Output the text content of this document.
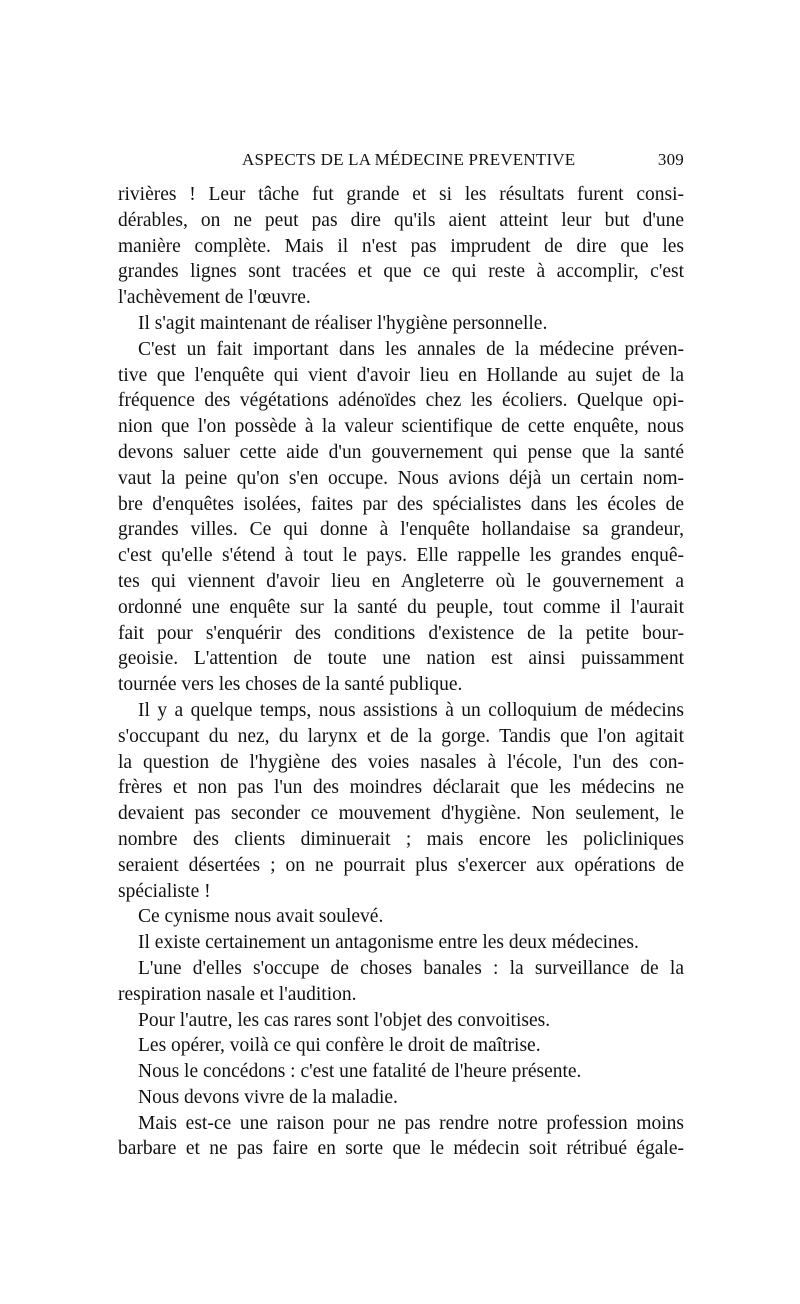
ASPECTS DE LA MÉDECINE PREVENTIVE	309
rivières ! Leur tâche fut grande et si les résultats furent consi-
dérables, on ne peut pas dire qu'ils aient atteint leur but d'une
manière complète. Mais il n'est pas imprudent de dire que les
grandes lignes sont tracées et que ce qui reste à accomplir, c'est
l'achèvement de l'œuvre.
Il s'agit maintenant de réaliser l'hygiène personnelle.
C'est un fait important dans les annales de la médecine préven-
tive que l'enquête qui vient d'avoir lieu en Hollande au sujet de la
fréquence des végétations adénoïdes chez les écoliers. Quelque opi-
nion que l'on possède à la valeur scientifique de cette enquête, nous
devons saluer cette aide d'un gouvernement qui pense que la santé
vaut la peine qu'on s'en occupe. Nous avions déjà un certain nom-
bre d'enquêtes isolées, faites par des spécialistes dans les écoles de
grandes villes. Ce qui donne à l'enquête hollandaise sa grandeur,
c'est qu'elle s'étend à tout le pays. Elle rappelle les grandes enquê-
tes qui viennent d'avoir lieu en Angleterre où le gouvernement a
ordonné une enquête sur la santé du peuple, tout comme il l'aurait
fait pour s'enquérir des conditions d'existence de la petite bour-
geoisie. L'attention de toute une nation est ainsi puissamment
tournée vers les choses de la santé publique.
Il y a quelque temps, nous assistions à un colloquium de médecins
s'occupant du nez, du larynx et de la gorge. Tandis que l'on agitait
la question de l'hygiène des voies nasales à l'école, l'un des con-
frères et non pas l'un des moindres déclarait que les médecins ne
devaient pas seconder ce mouvement d'hygiène. Non seulement, le
nombre des clients diminuerait ; mais encore les policliniques
seraient désertées ; on ne pourrait plus s'exercer aux opérations de
spécialiste !
Ce cynisme nous avait soulevé.
Il existe certainement un antagonisme entre les deux médecines.
L'une d'elles s'occupe de choses banales : la surveillance de la
respiration nasale et l'audition.
Pour l'autre, les cas rares sont l'objet des convoitises.
Les opérer, voilà ce qui confère le droit de maîtrise.
Nous le concédons : c'est une fatalité de l'heure présente.
Nous devons vivre de la maladie.
Mais est-ce une raison pour ne pas rendre notre profession moins
barbare et ne pas faire en sorte que le médecin soit rétribué égale-
